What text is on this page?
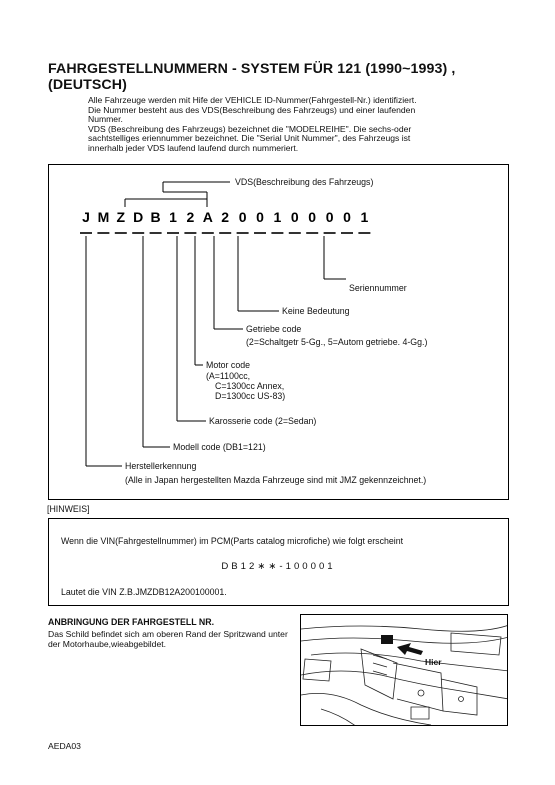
FAHRGESTELLNUMMERN - SYSTEM FÜR 121 (1990~1993) , (DEUTSCH)

Alle Fahrzeuge werden mit Hife der VEHICLE ID-Nummer(Fahrgestell-Nr.) identifiziert.

Die Nummer besteht aus des VDS(Beschreibung des Fahrzeugs) und einer laufenden

Nummer.

VDS (Beschreibung des Fahrzeugs) bezeichnet die "MODELREIHE". Die sechs-oder

sachtstelliges eriennummer bezeichnet. Die "Serial Unit Nummer", des Fahrzeugs ist

innerhalb jeder VDS laufend laufend durch nummeriert.

VDS(Beschreibung des Fahrzeugs)
J M Z D B 1 2 A 2 0 0 1 0 0 0 0 1
Seriennummer
Keine Bedeutung
Getriebe code
(2=Schaltgetr 5-Gg., 5=Autom getriebe. 4-Gg.)
Motor code
(A=1100cc,
C=1300cc Annex,
D=1300cc US-83)
Karosserie code (2=Sedan)
Modell code (DB1=121)
Herstellerkennung
(Alle in Japan hergestellten Mazda Fahrzeuge sind mit JMZ gekennzeichnet.)
[HINWEIS]
Wenn die VIN(Fahrgestellnummer) im PCM(Parts catalog microfiche) wie folgt erscheint
DB12∗∗-100001
Lautet die VIN Z.B.JMZDB12A200100001.
ANBRINGUNG DER FAHRGESTELL NR.
Das Schild befindet sich am oberen Rand der Spritzwand unter der Motorhaube,wieabgebildet.
Hier
AEDA03
